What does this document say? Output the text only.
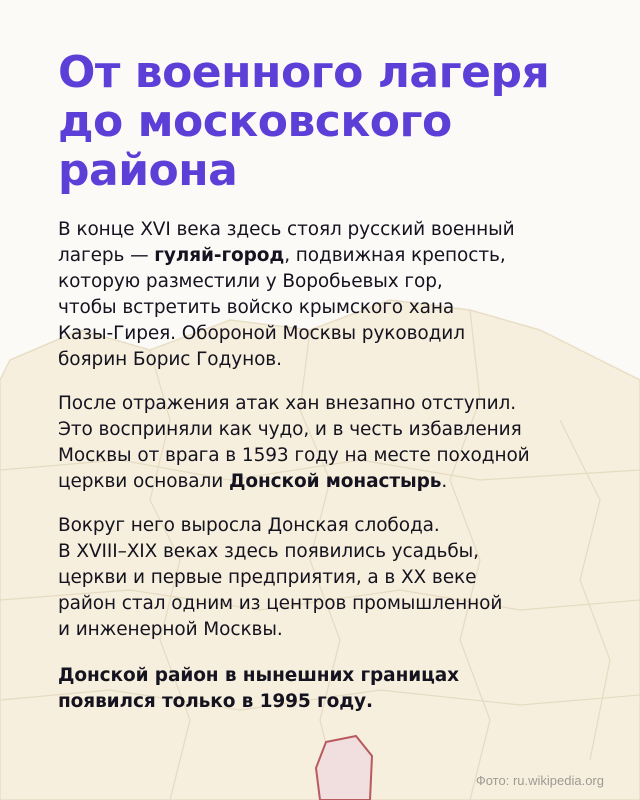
От военного лагеря
до московского
района

В конце XVI века здесь стоял русский военный
лагерь — гуляй-город, подвижная крепость,
которую разместили у Воробьевых гор,
чтобы встретить войско крымского хана
Казы-Гирея. Обороной Москвы руководил
боярин Борис Годунов.

После отражения атак хан внезапно отступил.
Это восприняли как чудо, и в честь избавления
Москвы от врага в 1593 году на месте походной
церкви основали Донской монастырь.

Вокруг него выросла Донская слобода.
В XVIII–XIX веках здесь появились усадьбы,
церкви и первые предприятия, а в XX веке
район стал одним из центров промышленной
и инженерной Москвы.

Донской район в нынешних границах
появился только в 1995 году.

Фото: ru.wikipedia.org
